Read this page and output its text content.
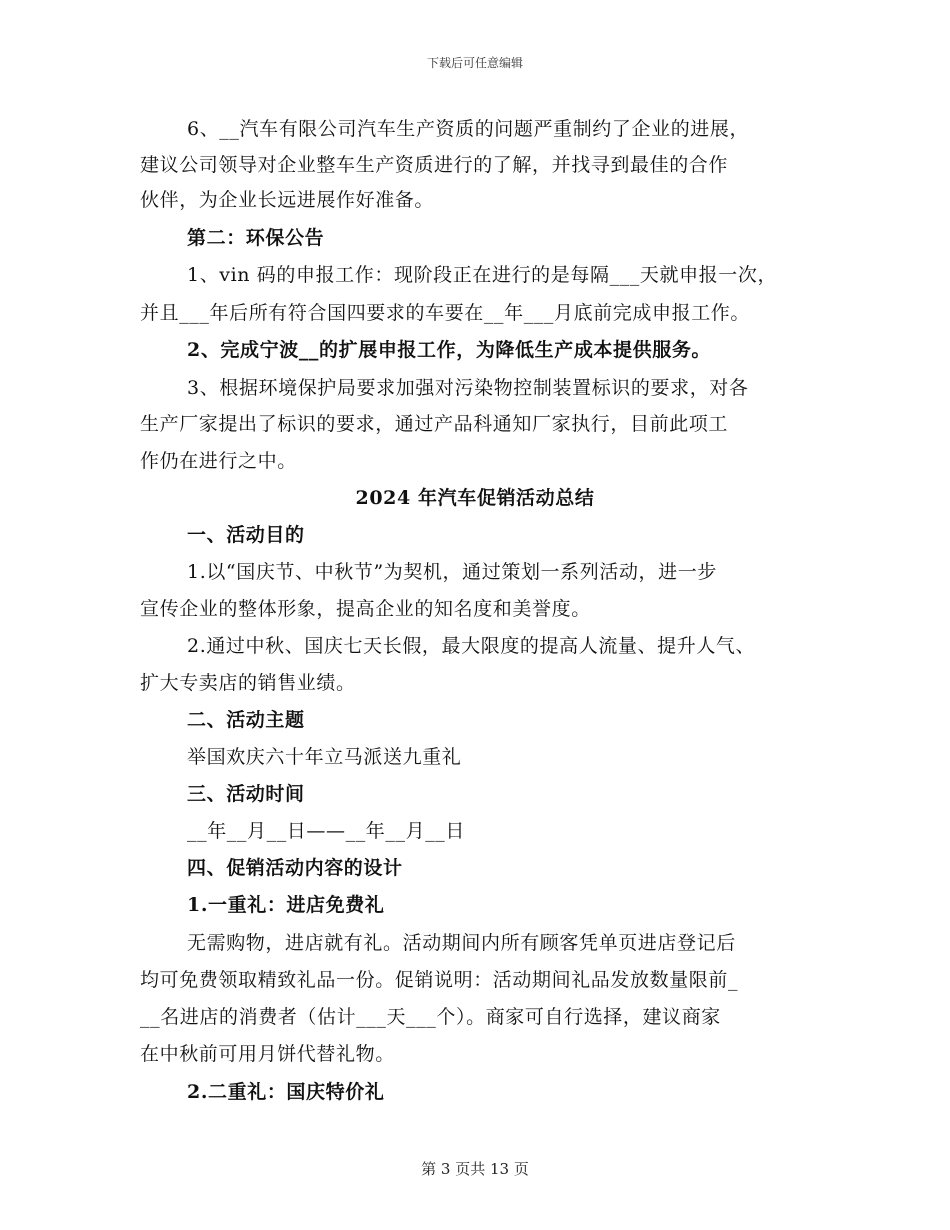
下载后可任意编辑
6、__汽车有限公司汽车生产资质的问题严重制约了企业的进展，
建议公司领导对企业整车生产资质进行的了解，并找寻到最佳的合作
伙伴，为企业长远进展作好准备。
第二：环保公告
1、vin 码的申报工作：现阶段正在进行的是每隔___天就申报一次，
并且___年后所有符合国四要求的车要在__年___月底前完成申报工作。
2、完成宁波__的扩展申报工作，为降低生产成本提供服务。
3、根据环境保护局要求加强对污染物控制装置标识的要求，对各
生产厂家提出了标识的要求，通过产品科通知厂家执行，目前此项工
作仍在进行之中。
2024 年汽车促销活动总结
一、活动目的
1.以“国庆节、中秋节”为契机，通过策划一系列活动，进一步
宣传企业的整体形象，提高企业的知名度和美誉度。
2.通过中秋、国庆七天长假，最大限度的提高人流量、提升人气、
扩大专卖店的销售业绩。
二、活动主题
举国欢庆六十年立马派送九重礼
三、活动时间
__年__月__日——__年__月__日
四、促销活动内容的设计
1.一重礼：进店免费礼
无需购物，进店就有礼。活动期间内所有顾客凭单页进店登记后
均可免费领取精致礼品一份。促销说明：活动期间礼品发放数量限前_
__名进店的消费者（估计___天___个）。商家可自行选择，建议商家
在中秋前可用月饼代替礼物。
2.二重礼：国庆特价礼
第 3 页共 13 页
